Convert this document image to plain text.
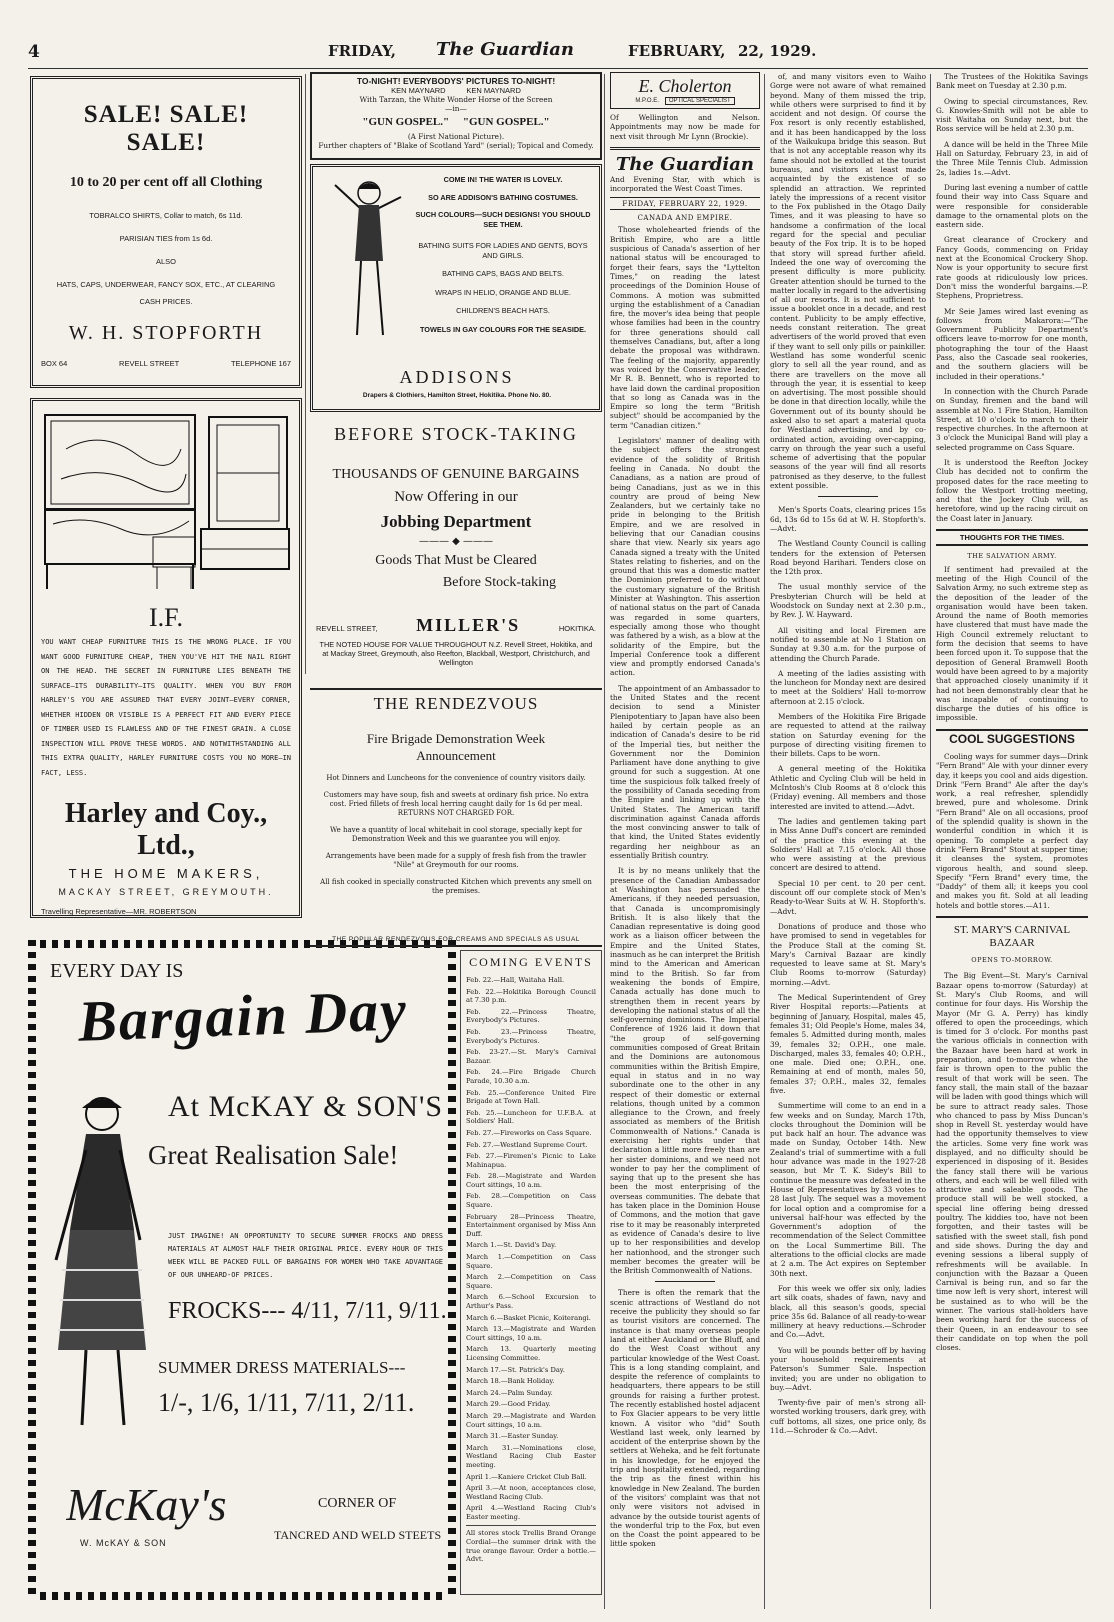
4	FRIDAY, The Guardian	FEBRUARY, 22, 1929.
SALE! SALE! SALE!
10 to 20 per cent off all Clothing
TOBRALCO SHIRTS, Collar to match, 6s 11d.
PARISIAN TIES from 1s 6d.
ALSO
HATS, CAPS, UNDERWEAR, FANCY SOX, ETC., AT CLEARING
CASH PRICES.
W. H. STOPFORTH
BOX 64	REVELL STREET	TELEPHONE 167
I.F.
YOU WANT CHEAP FURNITURE THIS IS THE WRONG PLACE. IF YOU WANT GOOD FURNITURE CHEAP, THEN YOU'VE HIT THE NAIL RIGHT ON THE HEAD. THE SECRET IN FURNITURE LIES BENEATH THE SURFACE—ITS DURABILITY—ITS QUALITY. WHEN YOU BUY FROM HARLEY'S YOU ARE ASSURED THAT EVERY JOINT—EVERY CORNER, WHETHER HIDDEN OR VISIBLE IS A PERFECT FIT AND EVERY PIECE OF TIMBER USED IS FLAWLESS AND OF THE FINEST GRAIN. A CLOSE INSPECTION WILL PROVE THESE WORDS. AND NOTWITHSTANDING ALL THIS EXTRA QUALITY, HARLEY FURNITURE COSTS YOU NO MORE—IN FACT, LESS.
Harley and Coy., Ltd.,
THE HOME MAKERS,
MACKAY STREET, GREYMOUTH.
Travelling Representative—MR. ROBERTSON
EVERY DAY IS
Bargain Day
At McKAY & SON'S
Great Realisation Sale!
JUST IMAGINE! AN OPPORTUNITY TO SECURE SUMMER FROCKS AND DRESS MATERIALS AT ALMOST HALF THEIR ORIGINAL PRICE. EVERY HOUR OF THIS WEEK WILL BE PACKED FULL OF BARGAINS FOR WOMEN WHO TAKE ADVANTAGE OF OUR UNHEARD-OF PRICES.
FROCKS--- 4/11, 7/11, 9/11.
SUMMER DRESS MATERIALS---
1/-, 1/6, 1/11, 7/11, 2/11.
McKay's
W. McKAY & SON
CORNER OF
TANCRED AND WELD STEETS
TO-NIGHT! EVERYBODYS' PICTURES TO-NIGHT!
KEN MAYNARD          KEN MAYNARD
With Tarzan, the White Wonder Horse of the Screen
—in—
"GUN GOSPEL."     "GUN GOSPEL."
(A First National Picture).
Further chapters of "Blake of Scotland Yard" (serial); Topical and Comedy.
COME IN! THE WATER IS LOVELY.
SO ARE ADDISON'S BATHING COSTUMES.
SUCH COLOURS—SUCH DESIGNS! YOU SHOULD SEE THEM.
BATHING SUITS FOR LADIES AND GENTS, BOYS AND GIRLS.
BATHING CAPS, BAGS AND BELTS.
WRAPS IN HELIO, ORANGE AND BLUE.
CHILDREN'S BEACH HATS.
TOWELS IN GAY COLOURS FOR THE SEASIDE.
ADDISONS
Drapers & Clothiers, Hamilton Street, Hokitika. Phone No. 80.
BEFORE STOCK-TAKING
THOUSANDS OF GENUINE BARGAINS
Now Offering in our
Jobbing Department
——— ◆ ———
Goods That Must be Cleared
Before Stock-taking
REVELL STREET, MILLER'S	HOKITIKA.
THE NOTED HOUSE FOR VALUE THROUGHOUT N.Z. Revell Street, Hokitika, and at Mackay Street, Greymouth, also Reefton, Blackball, Westport, Christchurch, and Wellington
THE RENDEZVOUS
Fire Brigade Demonstration Week Announcement
Hot Dinners and Luncheons for the convenience of country visitors daily.
Customers may have soup, fish and sweets at ordinary fish price. No extra cost. Fried fillets of fresh local herring caught daily for 1s 6d per meal. RETURNS NOT CHARGED FOR.
We have a quantity of local whitebait in cool storage, specially kept for Demonstration Week and this we guarantee you will enjoy.
Arrangements have been made for a supply of fresh fish from the trawler "Nile" at Greymouth for our rooms.
All fish cooked in specially constructed Kitchen which prevents any smell on the premises.
THE POPULAR RENDEZVOUS FOR CREAMS AND SPECIALS AS USUAL
COMING EVENTS
Feb. 22.—Hall, Waitaha Hall.
Feb. 22.—Hokitika Borough Council at 7.30 p.m.
Feb. 22.—Princess Theatre, Everybody's Pictures.
Feb. 23.—Princess Theatre, Everybody's Pictures.
Feb. 23-27.—St. Mary's Carnival Bazaar.
Feb. 24.—Fire Brigade Church Parade, 10.30 a.m.
Feb. 25.—Conference United Fire Brigade at Town Hall.
Feb. 25.—Luncheon for U.F.B.A. at Soldiers' Hall.
Feb. 27.—Fireworks on Cass Square.
Feb. 27.—Westland Supreme Court.
Feb. 27.—Firemen's Picnic to Lake Mahinapua.
Feb. 28.—Magistrate and Warden Court sittings, 10 a.m.
Feb. 28.—Competition on Cass Square.
February 28—Princess Theatre, Entertainment organised by Miss Ann Duff.
March 1.—St. David's Day.
March 1.—Competition on Cass Square.
March 2.—Competition on Cass Square.
March 6.—School Excursion to Arthur's Pass.
March 6.—Basket Picnic, Koiterangi.
March 13.—Magistrate and Warden Court sittings, 10 a.m.
March 13. Quarterly meeting Licensing Committee.
March 17.—St. Patrick's Day.
March 18.—Bank Holiday.
March 24.—Palm Sunday.
March 29.—Good Friday.
March 29.—Magistrate and Warden Court sittings, 10 a.m.
March 31.—Easter Sunday.
March 31.—Nominations close, Westland Racing Club Easter meeting.
April 1.—Kaniere Cricket Club Ball.
April 3.—At noon, acceptances close, Westland Racing Club.
April 4.—Westland Racing Club's Easter meeting.
All stores stock Trellis Brand Orange Cordial—the summer drink with the true orange flavour. Order a bottle.—Advt.
E. Cholerton
M.P.O.E.	OPTICAL SPECIALIST
Of Wellington and Nelson. Appointments may now be made for next visit through Mr Lynn (Brockie).
The Guardian
And Evening Star, with which is incorporated the West Coast Times.
FRIDAY, FEBRUARY 22, 1929.
CANADA AND EMPIRE.

Those wholehearted friends of the British Empire, who are a little suspicious of Canada's assertion of her national status will be encouraged to forget their fears, says the "Lyttelton Times," on reading the latest proceedings of the Dominion House of Commons. A motion was submitted urging the establishment of a Canadian fire, the mover's idea being that people whose families had been in the country for three generations should call themselves Canadians, but, after a long debate the proposal was withdrawn. The feeling of the majority, apparently was voiced by the Conservative leader, Mr R. B. Bennett, who is reported to have laid down the cardinal proposition that so long as Canada was in the Empire so long the term "British subject" should be accompanied by the term "Canadian citizen."

Legislators' manner of dealing with the subject offers the strongest evidence of the solidity of British feeling in Canada. No doubt the Canadians, as a nation are proud of being Canadians, just as we in this country are proud of being New Zealanders, but we certainly take no pride in belonging to the British Empire, and we are resolved in believing that our Canadian cousins share that view. Nearly six years ago Canada signed a treaty with the United States relating to fisheries, and on the ground that this was a domestic matter the Dominion preferred to do without the customary signature of the British Minister at Washington. This assertion of national status on the part of Canada was regarded in some quarters, especially among those who thought was fathered by a wish, as a blow at the solidarity of the Empire, but the Imperial Conference took a different view and promptly endorsed Canada's action.

The appointment of an Ambassador to the United States and the recent decision to send a Minister Plenipotentiary to Japan have also been hailed by certain people as an indication of Canada's desire to be rid of the Imperial ties, but neither the Government nor the Dominion Parliament have done anything to give ground for such a suggestion. At one time the suspicious folk talked freely of the possibility of Canada seceding from the Empire and linking up with the United States. The American tariff discrimination against Canada affords the most convincing answer to talk of that kind, the United States evidently regarding her neighbour as an essentially British country.

It is by no means unlikely that the presence of the Canadian Ambassador at Washington has persuaded the Americans, if they needed persuasion, that Canada is uncompromisingly British. It is also likely that the Canadian representative is doing good work as a liaison officer between the Empire and the United States, inasmuch as he can interpret the British mind to the American and American mind to the British. So far from weakening the bonds of Empire, Canada actually has done much to strengthen them in recent years by developing the national status of all the self-governing dominions. The Imperial Conference of 1926 laid it down that "the group of self-governing communities composed of Great Britain and the Dominions are autonomous communities within the British Empire, equal in status and in no way subordinate one to the other in any respect of their domestic or external relations, though united by a common allegiance to the Crown, and freely associated as members of the British Commonwealth of Nations." Canada is exercising her rights under that declaration a little more freely than are her sister dominions, and we need not wonder to pay her the compliment of saying that up to the present she has been the most enterprising of the overseas communities. The debate that has taken place in the Dominion House of Commons, and the motion that gave rise to it may be reasonably interpreted as evidence of Canada's desire to live up to her responsibilities and develop her nationhood, and the stronger such member becomes the greater will be the British Commonwealth of Nations.

There is often the remark that the scenic attractions of Westland do not receive the publicity they should so far as tourist visitors are concerned. The instance is that many overseas people land at either Auckland or the Bluff, and do the West Coast without any particular knowledge of the West Coast. This is a long standing complaint, and despite the reference of complaints to headquarters, there appears to be still grounds for raising a further protest. The recently established hostel adjacent to Fox Glacier appears to be very little known. A visitor who "did" South Westland last week, only learned by accident of the enterprise shown by the settlers at Weheka, and he felt fortunate in his knowledge, for he enjoyed the trip and hospitality extended, regarding the trip as the finest within his knowledge in New Zealand. The burden of the visitors' complaint was that not only were visitors not advised in advance by the outside tourist agents of the wonderful trip to the Fox, but even on the Coast the point appeared to be little spoken

of, and many visitors even to Waiho Gorge were not aware of what remained beyond. Many of them missed the trip, while others were surprised to find it by accident and not design. Of course the Fox resort is only recently established, and it has been handicapped by the loss of the Waikukupa bridge this season. But that is not any acceptable reason why its fame should not be extolled at the tourist bureaus, and visitors at least made acquainted by the existence of so splendid an attraction. We reprinted lately the impressions of a recent visitor to the Fox published in the Otago Daily Times, and it was pleasing to have so handsome a confirmation of the local regard for the special and peculiar beauty of the Fox trip. It is to be hoped that story will spread further afield. Indeed the one way of overcoming the present difficulty is more publicity. Greater attention should be turned to the matter locally in regard to the advertising of all our resorts. It is not sufficient to issue a booklet once in a decade, and rest content. Publicity to be amply effective, needs constant reiteration. The great advertisers of the world proved that even if they want to sell only pills or painkiller. Westland has some wonderful scenic glory to sell all the year round, and as there are travellers on the move all through the year, it is essential to keep on advertising. The most possible should be done in that direction locally, while the Government out of its bounty should be asked also to set apart a material quota for Westland advertising, and by co-ordinated action, avoiding over-capping, carry on through the year such a useful scheme of advertising that the popular seasons of the year will find all resorts patronised as they deserve, to the fullest extent possible.

Men's Sports Coats, clearing prices 15s 6d, 13s 6d to 15s 6d at W. H. Stopforth's.—Advt.

The Westland County Council is calling tenders for the extension of Petersen Road beyond Harihari. Tenders close on the 12th prox.

The usual monthly service of the Presbyterian Church will be held at Woodstock on Sunday next at 2.30 p.m., by Rev. J. W. Hayward.

All visiting and local Firemen are notified to assemble at No 1 Station on Sunday at 9.30 a.m. for the purpose of attending the Church Parade.

A meeting of the ladies assisting with the luncheon for Monday next are desired to meet at the Soldiers' Hall to-morrow afternoon at 2.15 o'clock.

Members of the Hokitika Fire Brigade are requested to attend at the railway station on Saturday evening for the purpose of directing visiting firemen to their billets. Caps to be worn.

A general meeting of the Hokitika Athletic and Cycling Club will be held in McIntosh's Club Rooms at 8 o'clock this (Friday) evening. All members and those interested are invited to attend.—Advt.

The ladies and gentlemen taking part in Miss Anne Duff's concert are reminded of the practice this evening at the Soldiers' Hall at 7.15 o'clock. All those who were assisting at the previous concert are desired to attend.

Special 10 per cent. to 20 per cent. discount off our complete stock of Men's Ready-to-Wear Suits at W. H. Stopforth's.—Advt.

Donations of produce and those who have promised to send in vegetables for the Produce Stall at the coming St. Mary's Carnival Bazaar are kindly requested to leave same at St. Mary's Club Rooms to-morrow (Saturday) morning.—Advt.

The Medical Superintendent of Grey River Hospital reports:—Patients at beginning of January, Hospital, males 45, females 31; Old People's Home, males 34, females 5. Admitted during month, males 39, females 32; O.P.H., one male. Discharged, males 33, females 40; O.P.H., one male. Died one; O.P.H., one. Remaining at end of month, males 50, females 37; O.P.H., males 32, females five.

Summertime will come to an end in a few weeks and on Sunday, March 17th, clocks throughout the Dominion will be put back half an hour. The advance was made on Sunday, October 14th. New Zealand's trial of summertime with a full hour advance was made in the 1927-28 season, but Mr T. K. Sidey's Bill to continue the measure was defeated in the House of Representatives by 33 votes to 28 last July. The sequel was a movement for local option and a compromise for a universal half-hour was effected by the Government's adoption of the recommendation of the Select Committee on the Local Summertime Bill. The alterations to the official clocks are made at 2 a.m. The Act expires on September 30th next.

For this week we offer six only, ladies art silk coats, shades of fawn, navy and black, all this season's goods, special price 35s 6d. Balance of all ready-to-wear millinery at heavy reductions.—Schroder and Co.—Advt.

You will be pounds better off by having your household requirements at Paterson's Summer Sale. Inspection invited; you are under no obligation to buy.—Advt.

Twenty-five pair of men's strong all-worsted working trousers, dark grey, with cuff bottoms, all sizes, one price only, 8s 11d.—Schroder & Co.—Advt.

The Trustees of the Hokitika Savings Bank meet on Tuesday at 2.30 p.m.

Owing to special circumstances, Rev. G. Knowles-Smith will not be able to visit Waitaha on Sunday next, but the Ross service will be held at 2.30 p.m.

A dance will be held in the Three Mile Hall on Saturday, February 23, in aid of the Three Mile Tennis Club. Admission 2s, ladies 1s.—Advt.

During last evening a number of cattle found their way into Cass Square and were responsible for considerable damage to the ornamental plots on the eastern side.

Great clearance of Crockery and Fancy Goods, commencing on Friday next at the Economical Crockery Shop. Now is your opportunity to secure first rate goods at ridiculously low prices. Don't miss the wonderful bargains.—P. Stephens, Proprietress.

Mr Seie James wired last evening as follows from Makarora:—"The Government Publicity Department's officers leave to-morrow for one month, photographing the tour of the Haast Pass, also the Cascade seal rookeries, and the southern glaciers will be included in their operations."

In connection with the Church Parade on Sunday, firemen and the band will assemble at No. 1 Fire Station, Hamilton Street, at 10 o'clock to march to their respective churches. In the afternoon at 3 o'clock the Municipal Band will play a selected programme on Cass Square.

It is understood the Reefton Jockey Club has decided not to confirm the proposed dates for the race meeting to follow the Westport trotting meeting, and that the Jockey Club will, as heretofore, wind up the racing circuit on the Coast later in January.

THOUGHTS FOR THE TIMES.
THE SALVATION ARMY.

If sentiment had prevailed at the meeting of the High Council of the Salvation Army, no such extreme step as the deposition of the leader of the organisation would have been taken. Around the name of Booth memories have clustered that must have made the High Council extremely reluctant to form the decision that seems to have been forced upon it. To suppose that the deposition of General Bramwell Booth would have been agreed to by a majority that approached closely unanimity if it had not been demonstrably clear that he was incapable of continuing to discharge the duties of his office is impossible.

COOL SUGGESTIONS

Cooling ways for summer days—Drink "Fern Brand" Ale with your dinner every day, it keeps you cool and aids digestion. Drink "Fern Brand" Ale after the day's work, a real refresher, splendidly brewed, pure and wholesome. Drink "Fern Brand" Ale on all occasions, proof of the splendid quality is shown in the wonderful condition in which it is opening. To complete a perfect day drink "Fern Brand" Stout at supper time; it cleanses the system, promotes vigorous health, and sound sleep. Specify "Fern Brand" every time, the "Daddy" of them all; it keeps you cool and makes you fit. Sold at all leading hotels and bottle stores.—A11.

ST. MARY'S CARNIVAL BAZAAR
OPENS TO-MORROW.

The Big Event—St. Mary's Carnival Bazaar opens to-morrow (Saturday) at St. Mary's Club Rooms, and will continue for four days. His Worship the Mayor (Mr G. A. Perry) has kindly offered to open the proceedings, which is timed for 3 o'clock. For months past the various officials in connection with the Bazaar have been hard at work in preparation, and to-morrow when the fair is thrown open to the public the result of that work will be seen. The fancy stall, the main stall of the bazaar will be laden with good things which will be sure to attract ready sales. Those who chanced to pass by Miss Duncan's shop in Revell St. yesterday would have had the opportunity themselves to view the articles. Some very fine work was displayed, and no difficulty should be experienced in disposing of it. Besides the fancy stall there will be various others, and each will be well filled with attractive and saleable goods. The produce stall will be well stocked, a special line offering being dressed poultry. The kiddies too, have not been forgotten, and their tastes will be satisfied with the sweet stall, fish pond and side shows. During the day and evening sessions a liberal supply of refreshments will be available. In conjunction with the Bazaar a Queen Carnival is being run, and so far the time now left is very short, interest will be sustained as to who will be the winner. The various stall-holders have been working hard for the success of their Queen, in an endeavour to see their candidate on top when the poll closes.
